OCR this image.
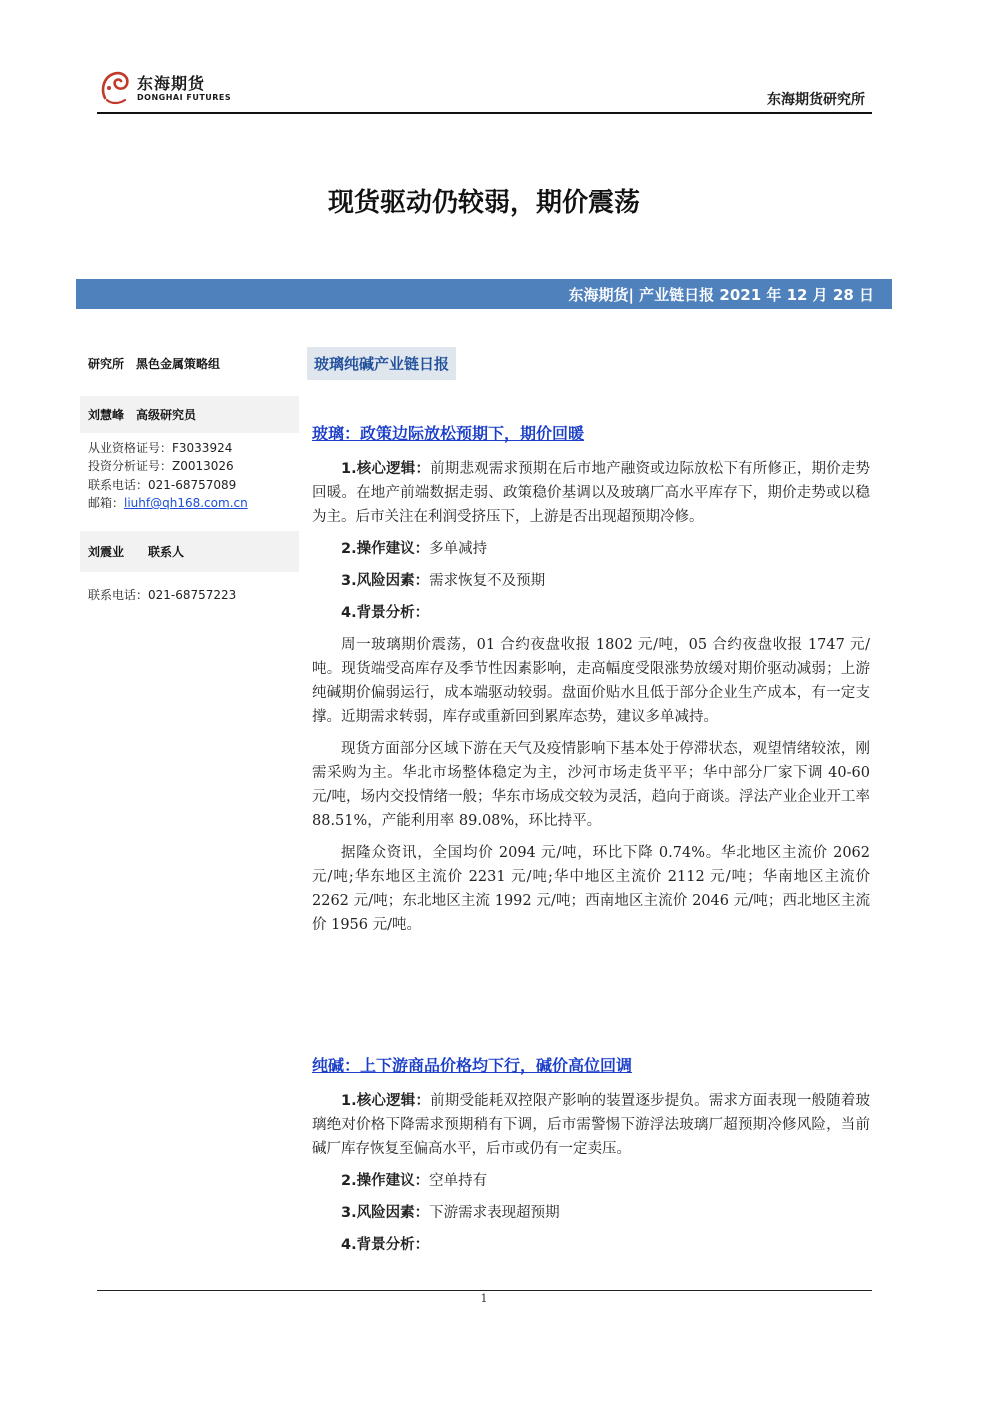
东海期货
DONGHAI FUTURES	东海期货研究所
现货驱动仍较弱，期价震荡
东海期货| 产业链日报 2021 年 12 月 28 日
研究所　黑色金属策略组
刘慧峰　高级研究员
从业资格证号：F3033924
投资分析证号：Z0013026
联系电话：021-68757089
邮箱：liuhf@qh168.com.cn
刘震业　　联系人
联系电话：021-68757223
玻璃纯碱产业链日报

玻璃：政策边际放松预期下，期价回暖

1.核心逻辑：前期悲观需求预期在后市地产融资或边际放松下有所修正，期价走势回暖。在地产前端数据走弱、政策稳价基调以及玻璃厂高水平库存下，期价走势或以稳为主。后市关注在利润受挤压下，上游是否出现超预期冷修。

2.操作建议：多单减持

3.风险因素：需求恢复不及预期

4.背景分析：

周一玻璃期价震荡，01 合约夜盘收报 1802 元/吨，05 合约夜盘收报 1747 元/吨。现货端受高库存及季节性因素影响，走高幅度受限涨势放缓对期价驱动减弱；上游纯碱期价偏弱运行，成本端驱动较弱。盘面价贴水且低于部分企业生产成本，有一定支撑。近期需求转弱，库存或重新回到累库态势，建议多单减持。

现货方面部分区域下游在天气及疫情影响下基本处于停滞状态，观望情绪较浓，刚需采购为主。华北市场整体稳定为主，沙河市场走货平平；华中部分厂家下调 40-60 元/吨，场内交投情绪一般；华东市场成交较为灵活，趋向于商谈。浮法产业企业开工率 88.51%，产能利用率 89.08%，环比持平。

据隆众资讯，全国均价 2094 元/吨，环比下降 0.74%。华北地区主流价 2062 元/吨;华东地区主流价 2231 元/吨;华中地区主流价 2112 元/吨；华南地区主流价 2262 元/吨；东北地区主流 1992 元/吨；西南地区主流价 2046 元/吨；西北地区主流价 1956 元/吨。

纯碱：上下游商品价格均下行，碱价高位回调

1.核心逻辑：前期受能耗双控限产影响的装置逐步提负。需求方面表现一般随着玻璃绝对价格下降需求预期稍有下调，后市需警惕下游浮法玻璃厂超预期冷修风险，当前碱厂库存恢复至偏高水平，后市或仍有一定卖压。

2.操作建议：空单持有

3.风险因素：下游需求表现超预期

4.背景分析：

1
